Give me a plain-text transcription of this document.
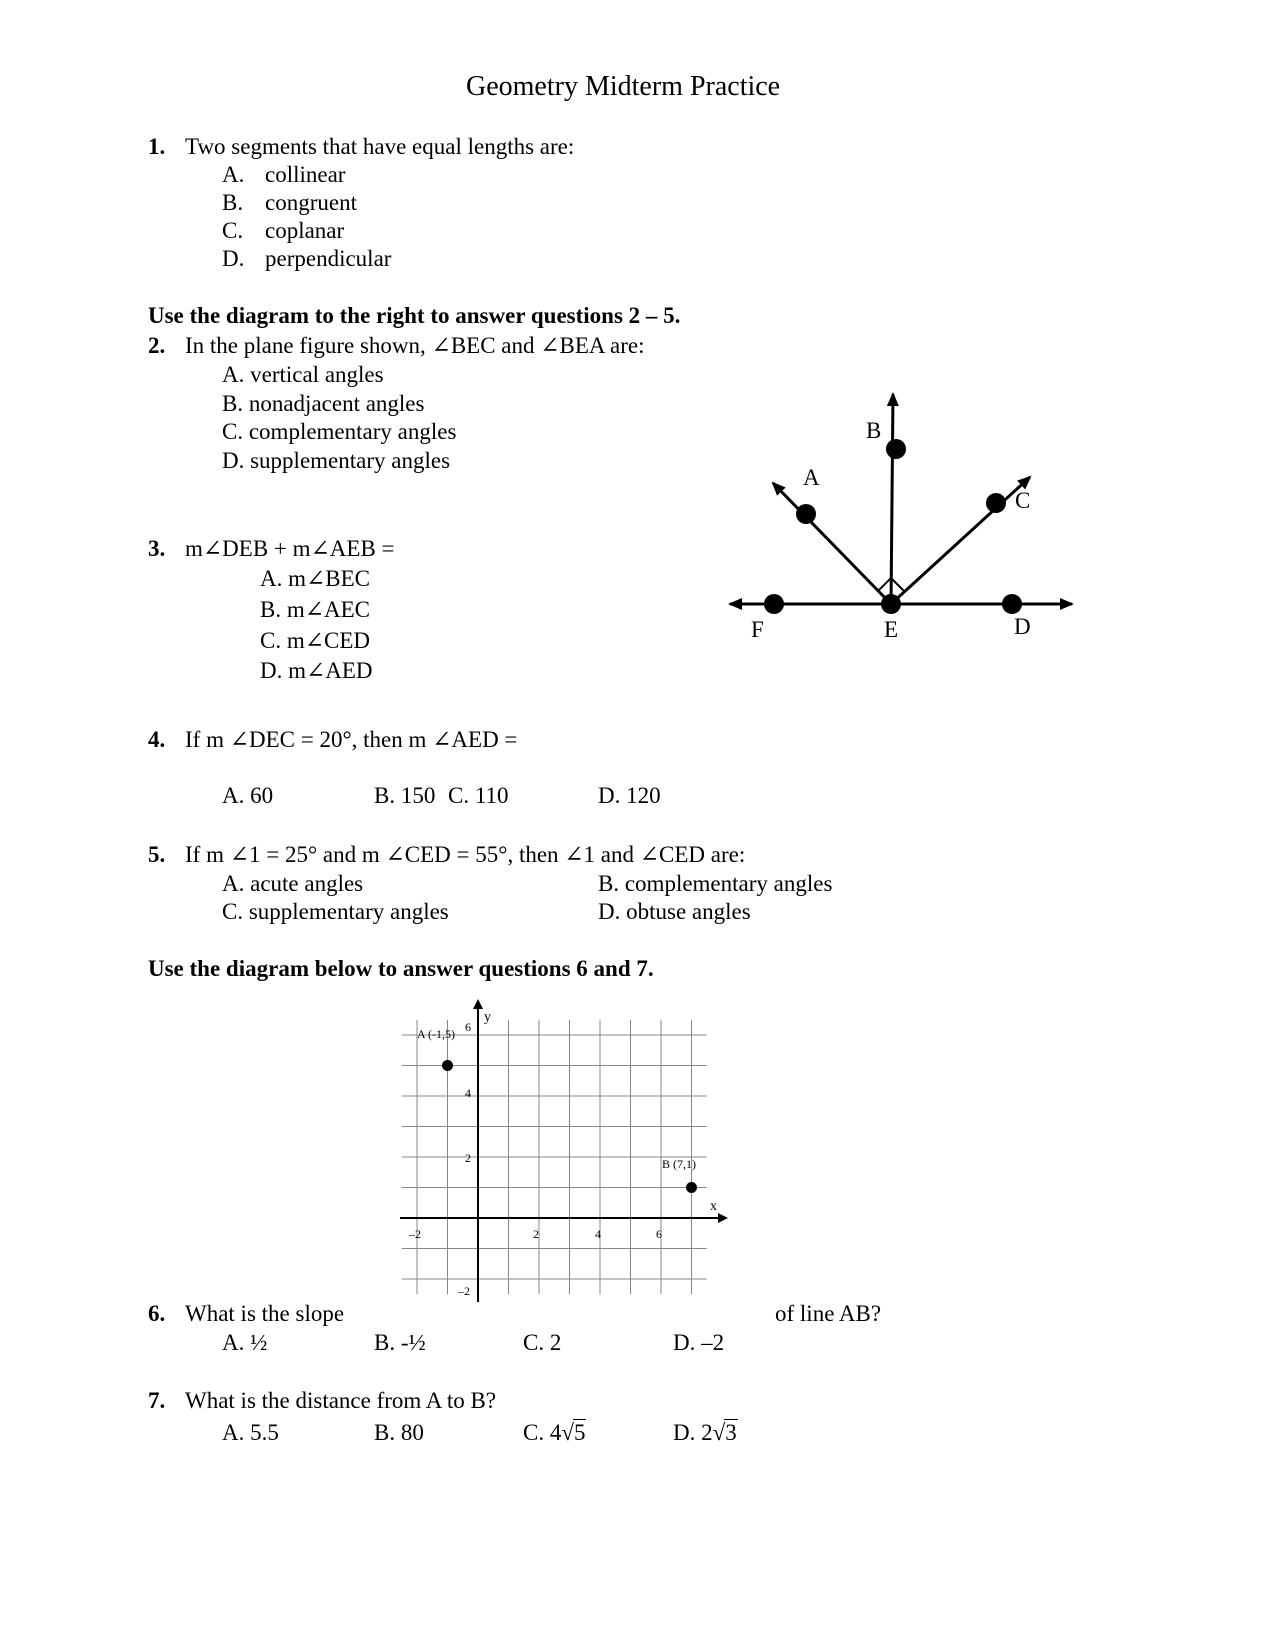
Geometry Midterm Practice
1. Two segments that have equal lengths are:
A. collinear
B. congruent
C. coplanar
D. perpendicular
Use the diagram to the right to answer questions 2 – 5.
2. In the plane figure shown, ∠BEC and ∠BEA are:
A. vertical angles
B. nonadjacent angles
C. complementary angles
D. supplementary angles
3. m∠DEB + m∠AEB =
A. m∠BEC
B. m∠AEC
C. m∠CED
D. m∠AED
B
A
C
F	E	D
4. If m ∠DEC = 20°, then m ∠AED =
A. 60	B. 150 C. 110	D. 120
5. If m ∠1 = 25° and m ∠CED = 55°, then ∠1 and ∠CED are:
A. acute angles	B. complementary angles
C. supplementary angles	D. obtuse angles
Use the diagram below to answer questions 6 and 7.
x
y
–2	2	4	6
6
4
2
–2
A (-1,5)
B (7,1)
6. What is the slope	of line AB?
A. ½	B. -½	C. 2	D. –2
7. What is the distance from A to B?
A. 5.5	B. 80	C. 4√5	D. 2√3
